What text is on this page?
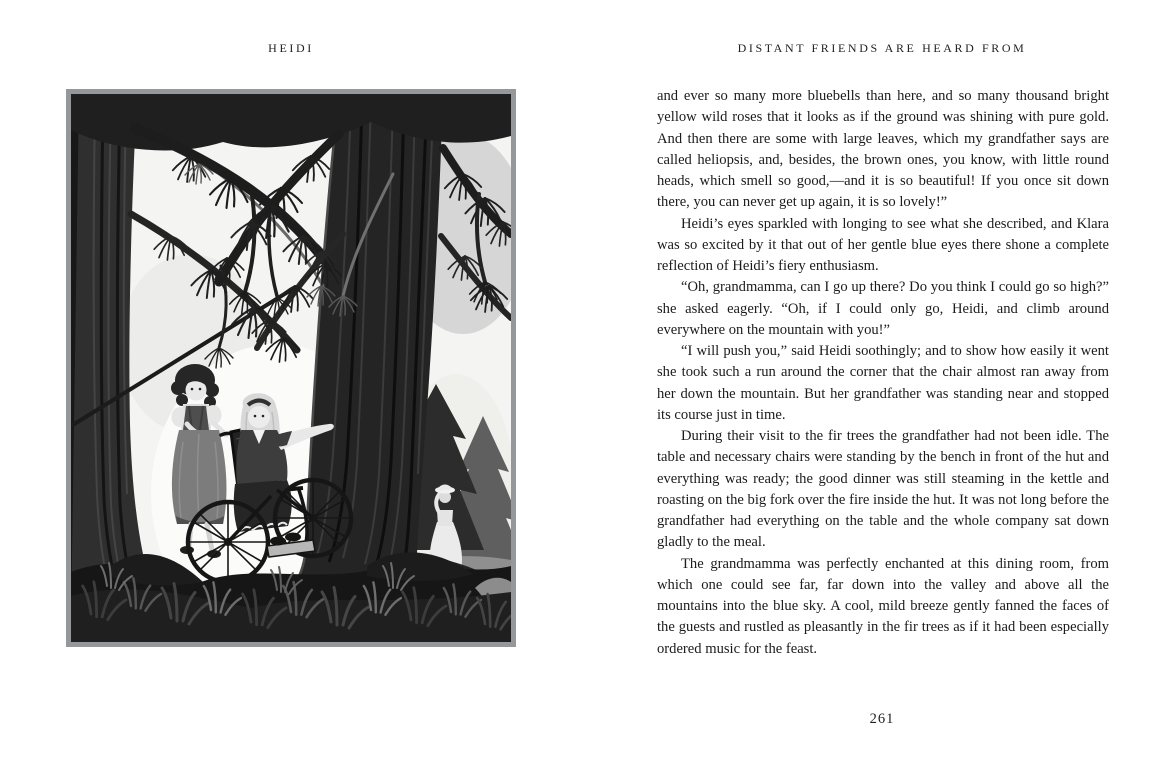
HEIDI	DISTANT FRIENDS ARE HEARD FROM

and ever so many more bluebells than here, and so many thousand bright yellow wild roses that it looks as if the ground was shining with pure gold. And then there are some with large leaves, which my grandfather says are called heliopsis, and, besides, the brown ones, you know, with little round heads, which smell so good,—and it is so beautiful! If you once sit down there, you can never get up again, it is so lovely!”

Heidi’s eyes sparkled with longing to see what she described, and Klara was so excited by it that out of her gentle blue eyes there shone a complete reflection of Heidi’s fiery enthusiasm.

“Oh, grandmamma, can I go up there? Do you think I could go so high?” she asked eagerly. “Oh, if I could only go, Heidi, and climb around everywhere on the mountain with you!”

“I will push you,” said Heidi soothingly; and to show how easily it went she took such a run around the corner that the chair almost ran away from her down the mountain. But her grandfather was standing near and stopped its course just in time.

During their visit to the fir trees the grandfather had not been idle. The table and necessary chairs were standing by the bench in front of the hut and everything was ready; the good dinner was still steaming in the kettle and roasting on the big fork over the fire inside the hut. It was not long before the grandfather had everything on the table and the whole company sat down gladly to the meal.

The grandmamma was perfectly enchanted at this dining room, from which one could see far, far down into the valley and above all the mountains into the blue sky. A cool, mild breeze gently fanned the faces of the guests and rustled as pleasantly in the fir trees as if it had been especially ordered music for the feast.

261
